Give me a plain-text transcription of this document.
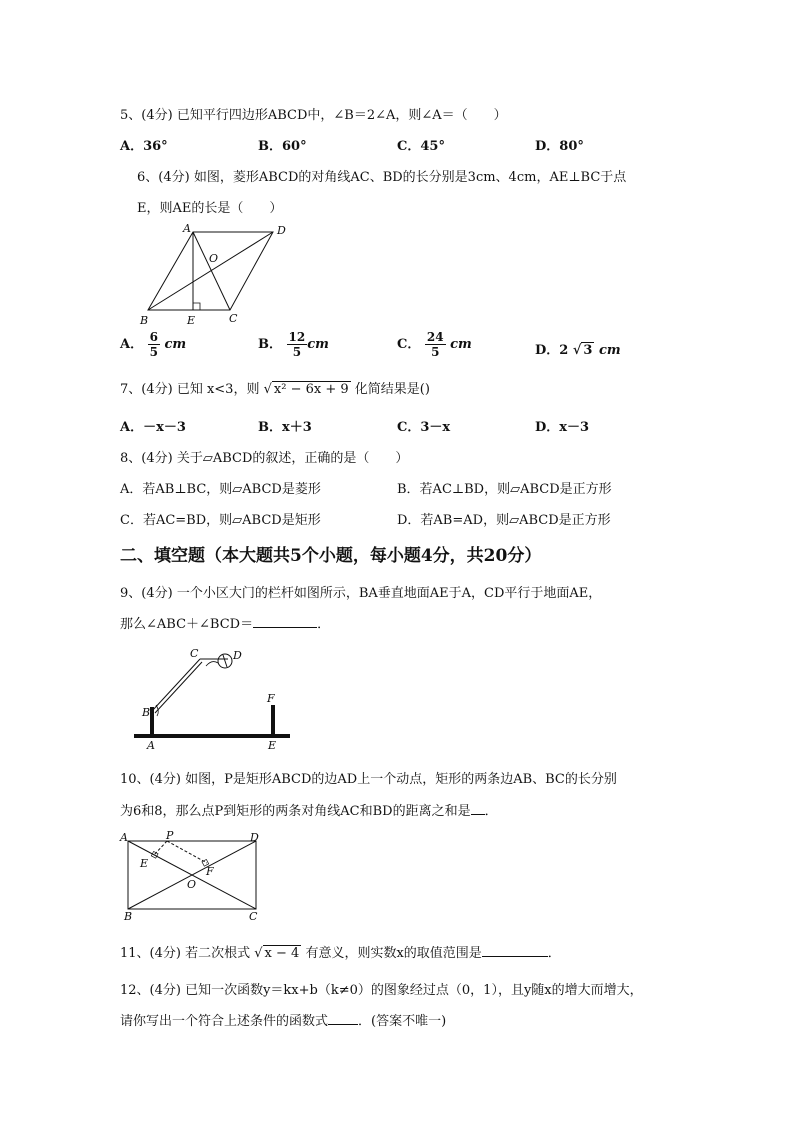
5、(4分) 已知平行四边形ABCD中，∠B＝2∠A，则∠A＝（　　）
A．36°	B．60°	C．45°	D．80°
6、(4分) 如图，菱形ABCD的对角线AC、BD的长分别是3cm、4cm，AE⊥BC于点
E，则AE的长是（　　）
A	D
O
B	E	C
A． $\frac{6}{5}$ cm	B． $\frac{12}{5}$ cm	C． $\frac{24}{5}$ cm	D．2 √ 3 cm
7、(4分) 已知 x<3，则 √ x² − 6x + 9 化简结果是()
A．－x－3	B．x＋3	C．3－x	D．x－3
8、(4分) 关于▱ABCD的叙述，正确的是（　　）
A．若AB⊥BC，则▱ABCD是菱形	B．若AC⊥BD，则▱ABCD是正方形
C．若AC=BD，则▱ABCD是矩形	D．若AB=AD，则▱ABCD是正方形
二、填空题（本大题共5个小题，每小题4分，共20分）
9、(4分) 一个小区大门的栏杆如图所示，BA垂直地面AE于A，CD平行于地面AE，
那么∠ABC＋∠BCD＝	．
C	D
B
F
A	E
10、(4分) 如图，P是矩形ABCD的边AD上一个动点，矩形的两条边AB、BC的长分别
为6和8，那么点P到矩形的两条对角线AC和BD的距离之和是 ．
A	P	D
E
F
O
B	C
11、(4分) 若二次根式 √ x − 4 有意义，则实数x的取值范围是	．
12、(4分) 已知一次函数y＝kx+b（k≠0）的图象经过点（0，1），且y随x的增大而增大，
请你写出一个符合上述条件的函数式 ．(答案不唯一)
